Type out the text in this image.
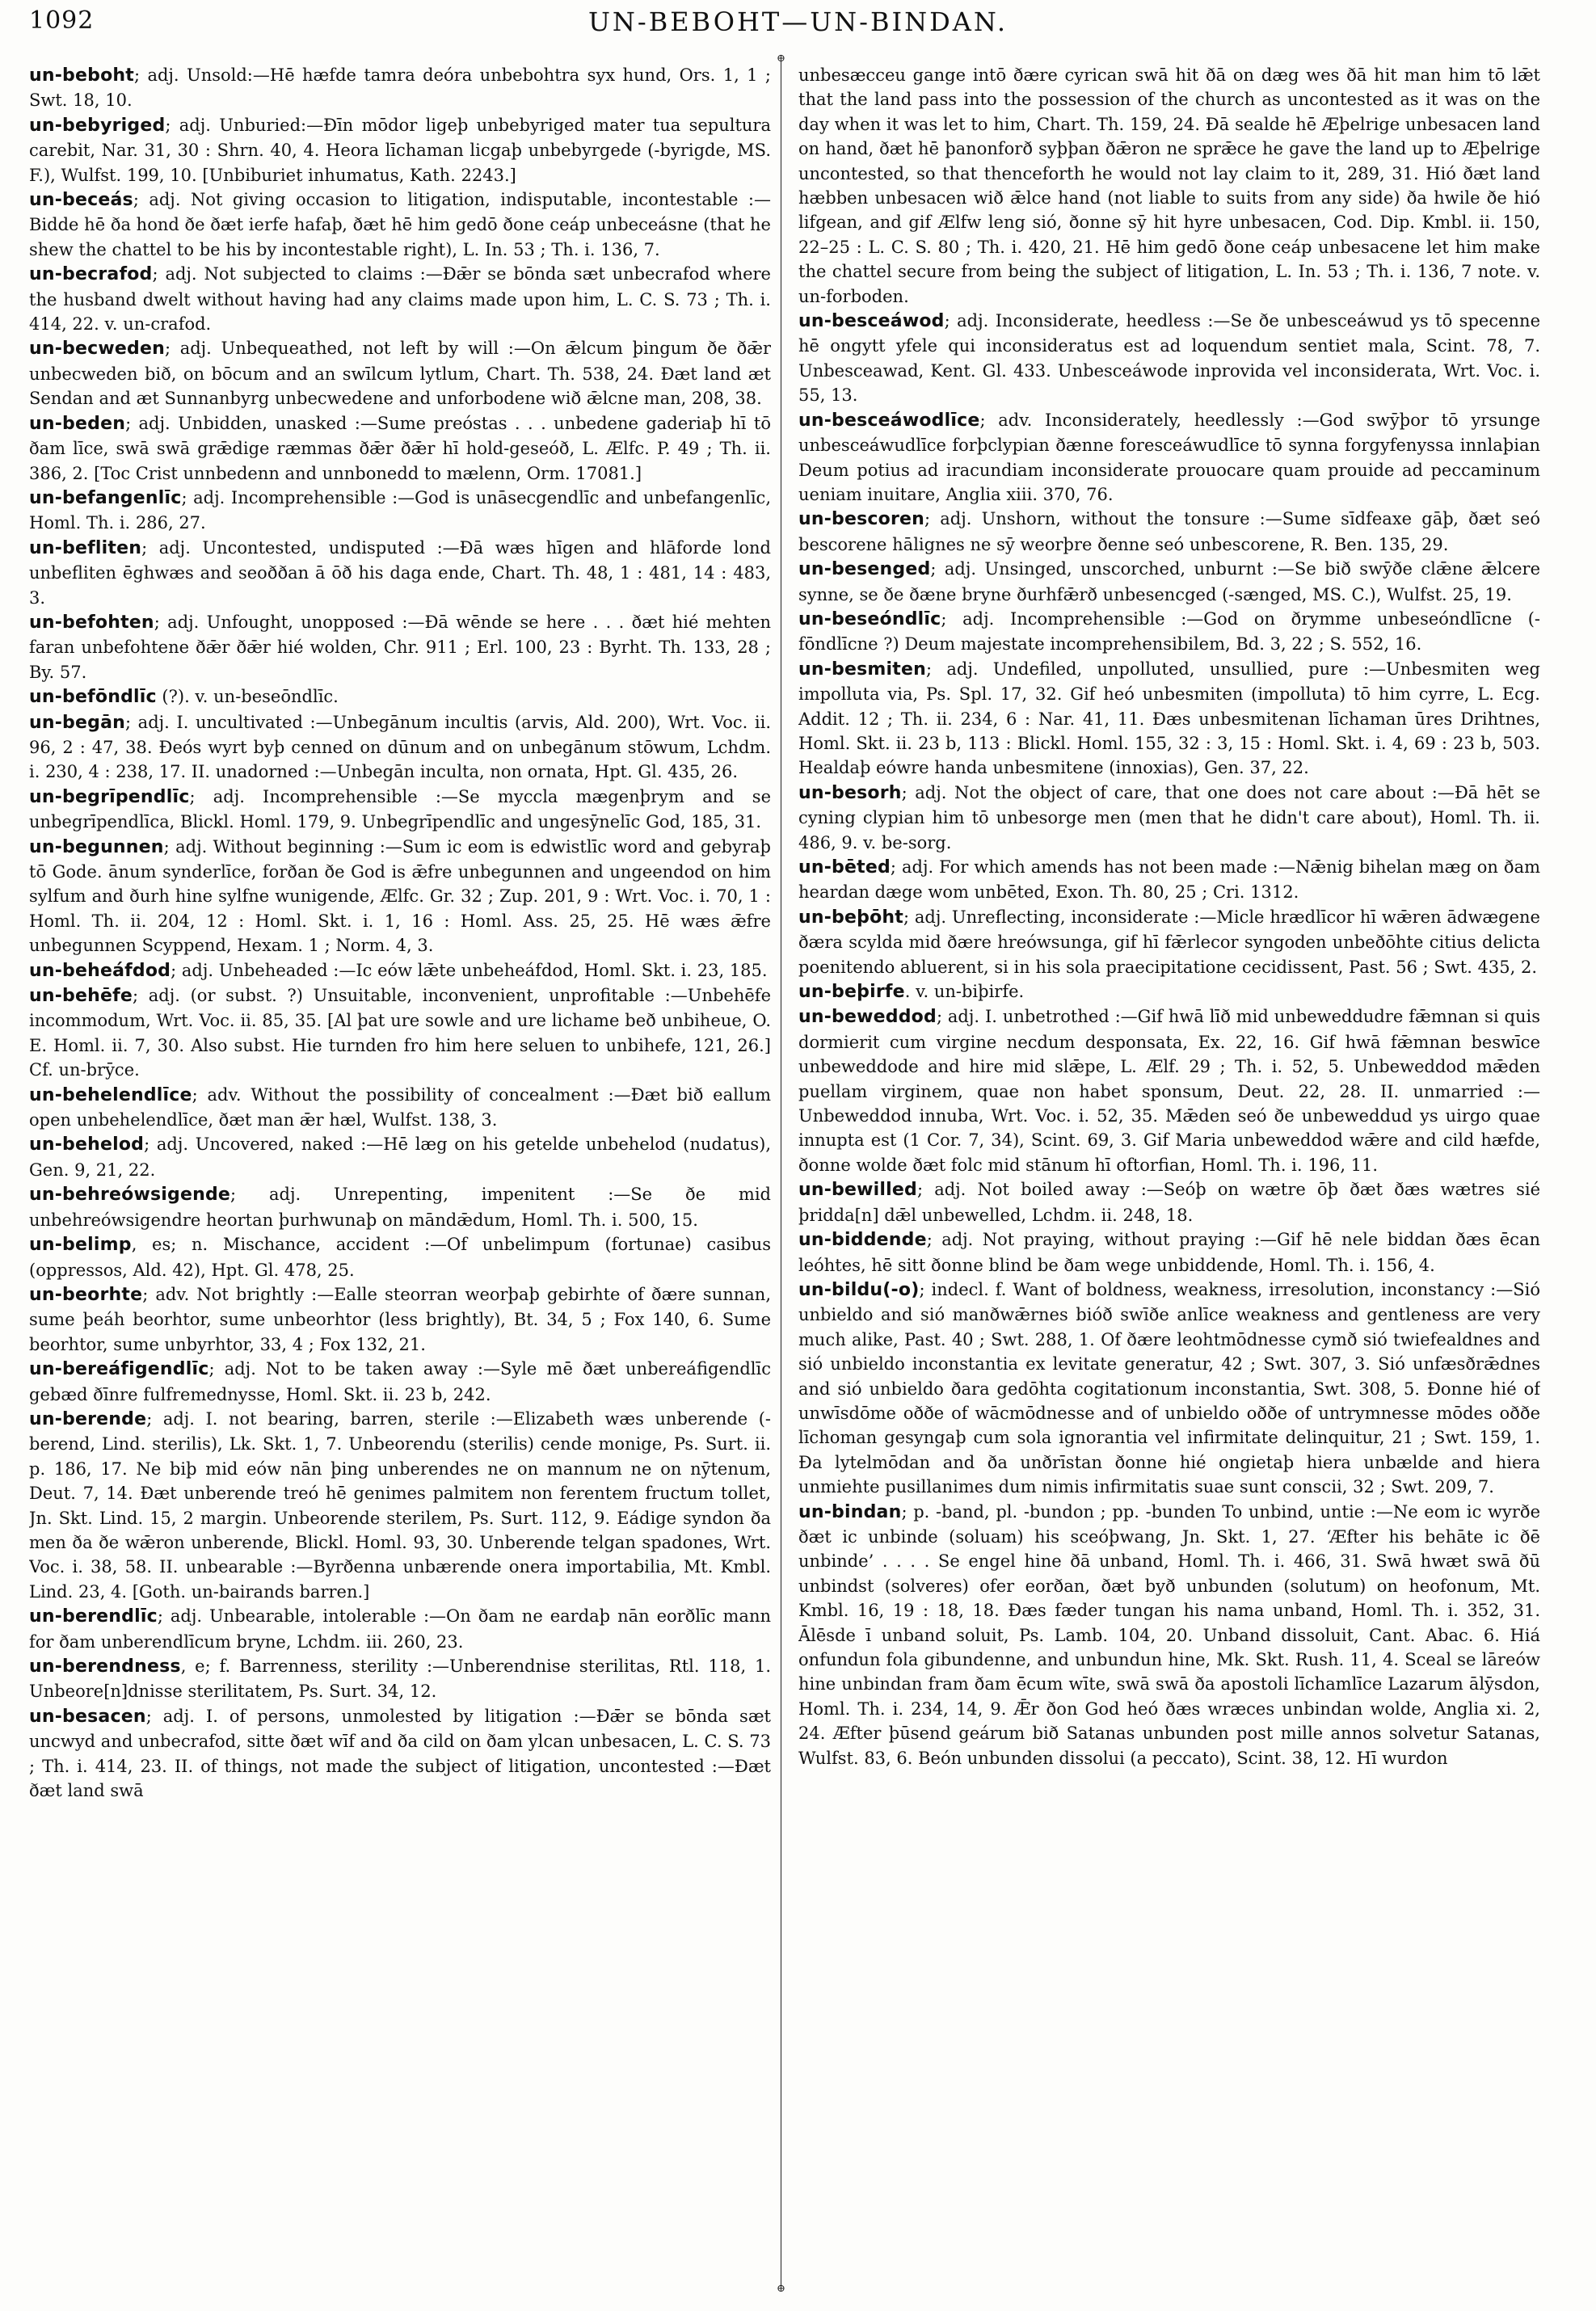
1092	UN-BEBOHT—UN-BINDAN.
⊕
⊕

un-beboht; adj. Unsold:—Hē hæfde tamra deóra unbebohtra syx hund, Ors. 1, 1 ; Swt. 18, 10.

un-bebyriged; adj. Unburied:—Ðīn mōdor ligeþ unbebyriged mater tua sepultura carebit, Nar. 31, 30 : Shrn. 40, 4. Heora līchaman licgaþ unbebyrgede (-byrigde, MS. F.), Wulfst. 199, 10. [Unbiburiet inhumatus, Kath. 2243.]

un-beceás; adj. Not giving occasion to litigation, indisputable, incontestable :—Bidde hē ða hond ðe ðæt ierfe hafaþ, ðæt hē him gedō ðone ceáp unbeceásne (that he shew the chattel to be his by incontestable right), L. In. 53 ; Th. i. 136, 7.

un-becrafod; adj. Not subjected to claims :—Ðǣr se bōnda sæt unbecrafod where the husband dwelt without having had any claims made upon him, L. C. S. 73 ; Th. i. 414, 22. v. un-crafod.

un-becweden; adj. Unbequeathed, not left by will :—On ǣlcum þingum ðe ðǣr unbecweden bið, on bōcum and an swīlcum lytlum, Chart. Th. 538, 24. Ðæt land æt Sendan and æt Sunnanbyrg unbecwedene and unforbodene wið ǣlcne man, 208, 38.

un-beden; adj. Unbidden, unasked :—Sume preóstas . . . unbedene gaderiaþ hī tō ðam līce, swā swā grǣdige ræmmas ðǣr ðǣr hī hold-geseóð, L. Ælfc. P. 49 ; Th. ii. 386, 2. [Toc Crist unnbedenn and unnbonedd to mælenn, Orm. 17081.]

un-befangenlīc; adj. Incomprehensible :—God is unāsecgendlīc and unbefangenlīc, Homl. Th. i. 286, 27.

un-befliten; adj. Uncontested, undisputed :—Ðā wæs hīgen and hlāforde lond unbefliten ēghwæs and seoððan ā ōð his daga ende, Chart. Th. 48, 1 : 481, 14 : 483, 3.

un-befohten; adj. Unfought, unopposed :—Ðā wēnde se here . . . ðæt hié mehten faran unbefohtene ðǣr ðǣr hié wolden, Chr. 911 ; Erl. 100, 23 : Byrht. Th. 133, 28 ; By. 57.

un-befōndlīc (?). v. un-beseōndlīc.

un-begān; adj. I. uncultivated :—Unbegānum incultis (arvis, Ald. 200), Wrt. Voc. ii. 96, 2 : 47, 38. Ðeós wyrt byþ cenned on dūnum and on unbegānum stōwum, Lchdm. i. 230, 4 : 238, 17. II. unadorned :—Unbegān inculta, non ornata, Hpt. Gl. 435, 26.

un-begrīpendlīc; adj. Incomprehensible :—Se myccla mægenþrym and se unbegrīpendlīca, Blickl. Homl. 179, 9. Unbegrīpendlīc and ungesȳnelīc God, 185, 31.

un-begunnen; adj. Without beginning :—Sum ic eom is edwistlīc word and gebyraþ tō Gode. ānum synderlīce, forðan ðe God is ǣfre unbegunnen and ungeendod on him sylfum and ðurh hine sylfne wunigende, Ælfc. Gr. 32 ; Zup. 201, 9 : Wrt. Voc. i. 70, 1 : Homl. Th. ii. 204, 12 : Homl. Skt. i. 1, 16 : Homl. Ass. 25, 25. Hē wæs ǣfre unbegunnen Scyppend, Hexam. 1 ; Norm. 4, 3.

un-beheáfdod; adj. Unbeheaded :—Ic eów lǣte unbeheáfdod, Homl. Skt. i. 23, 185.

un-behēfe; adj. (or subst. ?) Unsuitable, inconvenient, unprofitable :—Unbehēfe incommodum, Wrt. Voc. ii. 85, 35. [Al þat ure sowle and ure lichame beð unbiheue, O. E. Homl. ii. 7, 30. Also subst. Hie turnden fro him here seluen to unbihefe, 121, 26.] Cf. un-brȳce.

un-behelendlīce; adv. Without the possibility of concealment :—Ðæt bið eallum open unbehelendlīce, ðæt man ǣr hæl, Wulfst. 138, 3.

un-behelod; adj. Uncovered, naked :—Hē læg on his getelde unbehelod (nudatus), Gen. 9, 21, 22.

un-behreówsigende; adj. Unrepenting, impenitent :—Se ðe mid unbehreówsigendre heortan þurhwunaþ on māndǣdum, Homl. Th. i. 500, 15.

un-belimp, es; n. Mischance, accident :—Of unbelimpum (fortunae) casibus (oppressos, Ald. 42), Hpt. Gl. 478, 25.

un-beorhte; adv. Not brightly :—Ealle steorran weorþaþ gebirhte of ðære sunnan, sume þeáh beorhtor, sume unbeorhtor (less brightly), Bt. 34, 5 ; Fox 140, 6. Sume beorhtor, sume unbyrhtor, 33, 4 ; Fox 132, 21.

un-bereáfigendlīc; adj. Not to be taken away :—Syle mē ðæt unbereáfigendlīc gebæd ðīnre fulfremednysse, Homl. Skt. ii. 23 b, 242.

un-berende; adj. I. not bearing, barren, sterile :—Elizabeth wæs unberende (-berend, Lind. sterilis), Lk. Skt. 1, 7. Unbeorendu (sterilis) cende monige, Ps. Surt. ii. p. 186, 17. Ne biþ mid eów nān þing unberendes ne on mannum ne on nȳtenum, Deut. 7, 14. Ðæt unberende treó hē genimes palmitem non ferentem fructum tollet, Jn. Skt. Lind. 15, 2 margin. Unbeorende sterilem, Ps. Surt. 112, 9. Eádige syndon ða men ða ðe wǣron unberende, Blickl. Homl. 93, 30. Unberende telgan spadones, Wrt. Voc. i. 38, 58. II. unbearable :—Byrðenna unbærende onera importabilia, Mt. Kmbl. Lind. 23, 4. [Goth. un-bairands barren.]

un-berendlīc; adj. Unbearable, intolerable :—On ðam ne eardaþ nān eorðlīc mann for ðam unberendlīcum bryne, Lchdm. iii. 260, 23.

un-berendness, e; f. Barrenness, sterility :—Unberendnise sterilitas, Rtl. 118, 1. Unbeore[n]dnisse sterilitatem, Ps. Surt. 34, 12.

un-besacen; adj. I. of persons, unmolested by litigation :—Ðǣr se bōnda sæt uncwyd and unbecrafod, sitte ðæt wīf and ða cild on ðam ylcan unbesacen, L. C. S. 73 ; Th. i. 414, 23. II. of things, not made the subject of litigation, uncontested :—Ðæt ðæt land swā

unbesæcceu gange intō ðære cyrican swā hit ðā on dæg wes ðā hit man him tō lǣt that the land pass into the possession of the church as uncontested as it was on the day when it was let to him, Chart. Th. 159, 24. Ðā sealde hē Æþelrige unbesacen land on hand, ðæt hē þanonforð syþþan ðǣron ne sprǣce he gave the land up to Æþelrige uncontested, so that thenceforth he would not lay claim to it, 289, 31. Hió ðæt land hæbben unbesacen wið ǣlce hand (not liable to suits from any side) ða hwile ðe hió lifgean, and gif Ælfw leng sió, ðonne sȳ hit hyre unbesacen, Cod. Dip. Kmbl. ii. 150, 22–25 : L. C. S. 80 ; Th. i. 420, 21. Hē him gedō ðone ceáp unbesacene let him make the chattel secure from being the subject of litigation, L. In. 53 ; Th. i. 136, 7 note. v. un-forboden.

un-besceáwod; adj. Inconsiderate, heedless :—Se ðe unbesceáwud ys tō specenne hē ongytt yfele qui inconsideratus est ad loquendum sentiet mala, Scint. 78, 7. Unbesceawad, Kent. Gl. 433. Unbesceáwode inprovida vel inconsiderata, Wrt. Voc. i. 55, 13.

un-besceáwodlīce; adv. Inconsiderately, heedlessly :—God swȳþor tō yrsunge unbesceáwudlīce forþclypian ðænne foresceáwudlīce tō synna forgyfenyssa innlaþian Deum potius ad iracundiam inconsiderate prouocare quam prouide ad peccaminum ueniam inuitare, Anglia xiii. 370, 76.

un-bescoren; adj. Unshorn, without the tonsure :—Sume sīdfeaxe gāþ, ðæt seó bescorene hālignes ne sȳ weorþre ðenne seó unbescorene, R. Ben. 135, 29.

un-besenged; adj. Unsinged, unscorched, unburnt :—Se bið swȳðe clǣne ǣlcere synne, se ðe ðæne bryne ðurhfǣrð unbesencged (-sænged, MS. C.), Wulfst. 25, 19.

un-beseóndlīc; adj. Incomprehensible :—God on ðrymme unbeseóndlīcne (-fōndlīcne ?) Deum majestate incomprehensibilem, Bd. 3, 22 ; S. 552, 16.

un-besmiten; adj. Undefiled, unpolluted, unsullied, pure :—Unbesmiten weg impolluta via, Ps. Spl. 17, 32. Gif heó unbesmiten (impolluta) tō him cyrre, L. Ecg. Addit. 12 ; Th. ii. 234, 6 : Nar. 41, 11. Ðæs unbesmitenan līchaman ūres Drihtnes, Homl. Skt. ii. 23 b, 113 : Blickl. Homl. 155, 32 : 3, 15 : Homl. Skt. i. 4, 69 : 23 b, 503. Healdaþ eówre handa unbesmitene (innoxias), Gen. 37, 22.

un-besorh; adj. Not the object of care, that one does not care about :—Ðā hēt se cyning clypian him tō unbesorge men (men that he didn't care about), Homl. Th. ii. 486, 9. v. be-sorg.

un-bēted; adj. For which amends has not been made :—Nǣnig bihelan mæg on ðam heardan dæge wom unbēted, Exon. Th. 80, 25 ; Cri. 1312.

un-beþōht; adj. Unreflecting, inconsiderate :—Micle hrædlīcor hī wǣren ādwægene ðæra scylda mid ðære hreówsunga, gif hī fǣrlecor syngoden unbeðōhte citius delicta poenitendo abluerent, si in his sola praecipitatione cecidissent, Past. 56 ; Swt. 435, 2.

un-beþirfe. v. un-biþirfe.

un-beweddod; adj. I. unbetrothed :—Gif hwā līð mid unbeweddudre fǣmnan si quis dormierit cum virgine necdum desponsata, Ex. 22, 16. Gif hwā fǣmnan beswīce unbeweddode and hire mid slǣpe, L. Ælf. 29 ; Th. i. 52, 5. Unbeweddod mǣden puellam virginem, quae non habet sponsum, Deut. 22, 28. II. unmarried :—Unbeweddod innuba, Wrt. Voc. i. 52, 35. Mǣden seó ðe unbeweddud ys uirgo quae innupta est (1 Cor. 7, 34), Scint. 69, 3. Gif Maria unbeweddod wǣre and cild hæfde, ðonne wolde ðæt folc mid stānum hī oftorfian, Homl. Th. i. 196, 11.

un-bewilled; adj. Not boiled away :—Seóþ on wætre ōþ ðæt ðæs wætres sié þridda[n] dǣl unbewelled, Lchdm. ii. 248, 18.

un-biddende; adj. Not praying, without praying :—Gif hē nele biddan ðæs ēcan leóhtes, hē sitt ðonne blind be ðam wege unbiddende, Homl. Th. i. 156, 4.

un-bildu(-o); indecl. f. Want of boldness, weakness, irresolution, inconstancy :—Sió unbieldo and sió manðwǣrnes bióð swīðe anlīce weakness and gentleness are very much alike, Past. 40 ; Swt. 288, 1. Of ðære leohtmōdnesse cymð sió twiefealdnes and sió unbieldo inconstantia ex levitate generatur, 42 ; Swt. 307, 3. Sió unfæsðrǣdnes and sió unbieldo ðara gedōhta cogitationum inconstantia, Swt. 308, 5. Ðonne hié of unwīsdōme oððe of wācmōdnesse and of unbieldo oððe of untrymnesse mōdes oððe līchoman gesyngaþ cum sola ignorantia vel infirmitate delinquitur, 21 ; Swt. 159, 1. Ða lytelmōdan and ða unðrīstan ðonne hié ongietaþ hiera unbælde and hiera unmiehte pusillanimes dum nimis infirmitatis suae sunt conscii, 32 ; Swt. 209, 7.

un-bindan; p. -band, pl. -bundon ; pp. -bunden To unbind, untie :—Ne eom ic wyrðe ðæt ic unbinde (soluam) his sceóþwang, Jn. Skt. 1, 27. ‘Æfter his behāte ic ðē unbinde’ . . . . Se engel hine ðā unband, Homl. Th. i. 466, 31. Swā hwæt swā ðū unbindst (solveres) ofer eorðan, ðæt byð unbunden (solutum) on heofonum, Mt. Kmbl. 16, 19 : 18, 18. Ðæs fæder tungan his nama unband, Homl. Th. i. 352, 31. Ālēsde ī unband soluit, Ps. Lamb. 104, 20. Unband dissoluit, Cant. Abac. 6. Hiá onfundun fola gibundenne, and unbundun hine, Mk. Skt. Rush. 11, 4. Sceal se lāreów hine unbindan fram ðam ēcum wīte, swā swā ða apostoli līchamlīce Lazarum ālȳsdon, Homl. Th. i. 234, 14, 9. Ǣr ðon God heó ðæs wræces unbindan wolde, Anglia xi. 2, 24. Æfter þūsend geárum bið Satanas unbunden post mille annos solvetur Satanas, Wulfst. 83, 6. Beón unbunden dissolui (a peccato), Scint. 38, 12. Hī wurdon
